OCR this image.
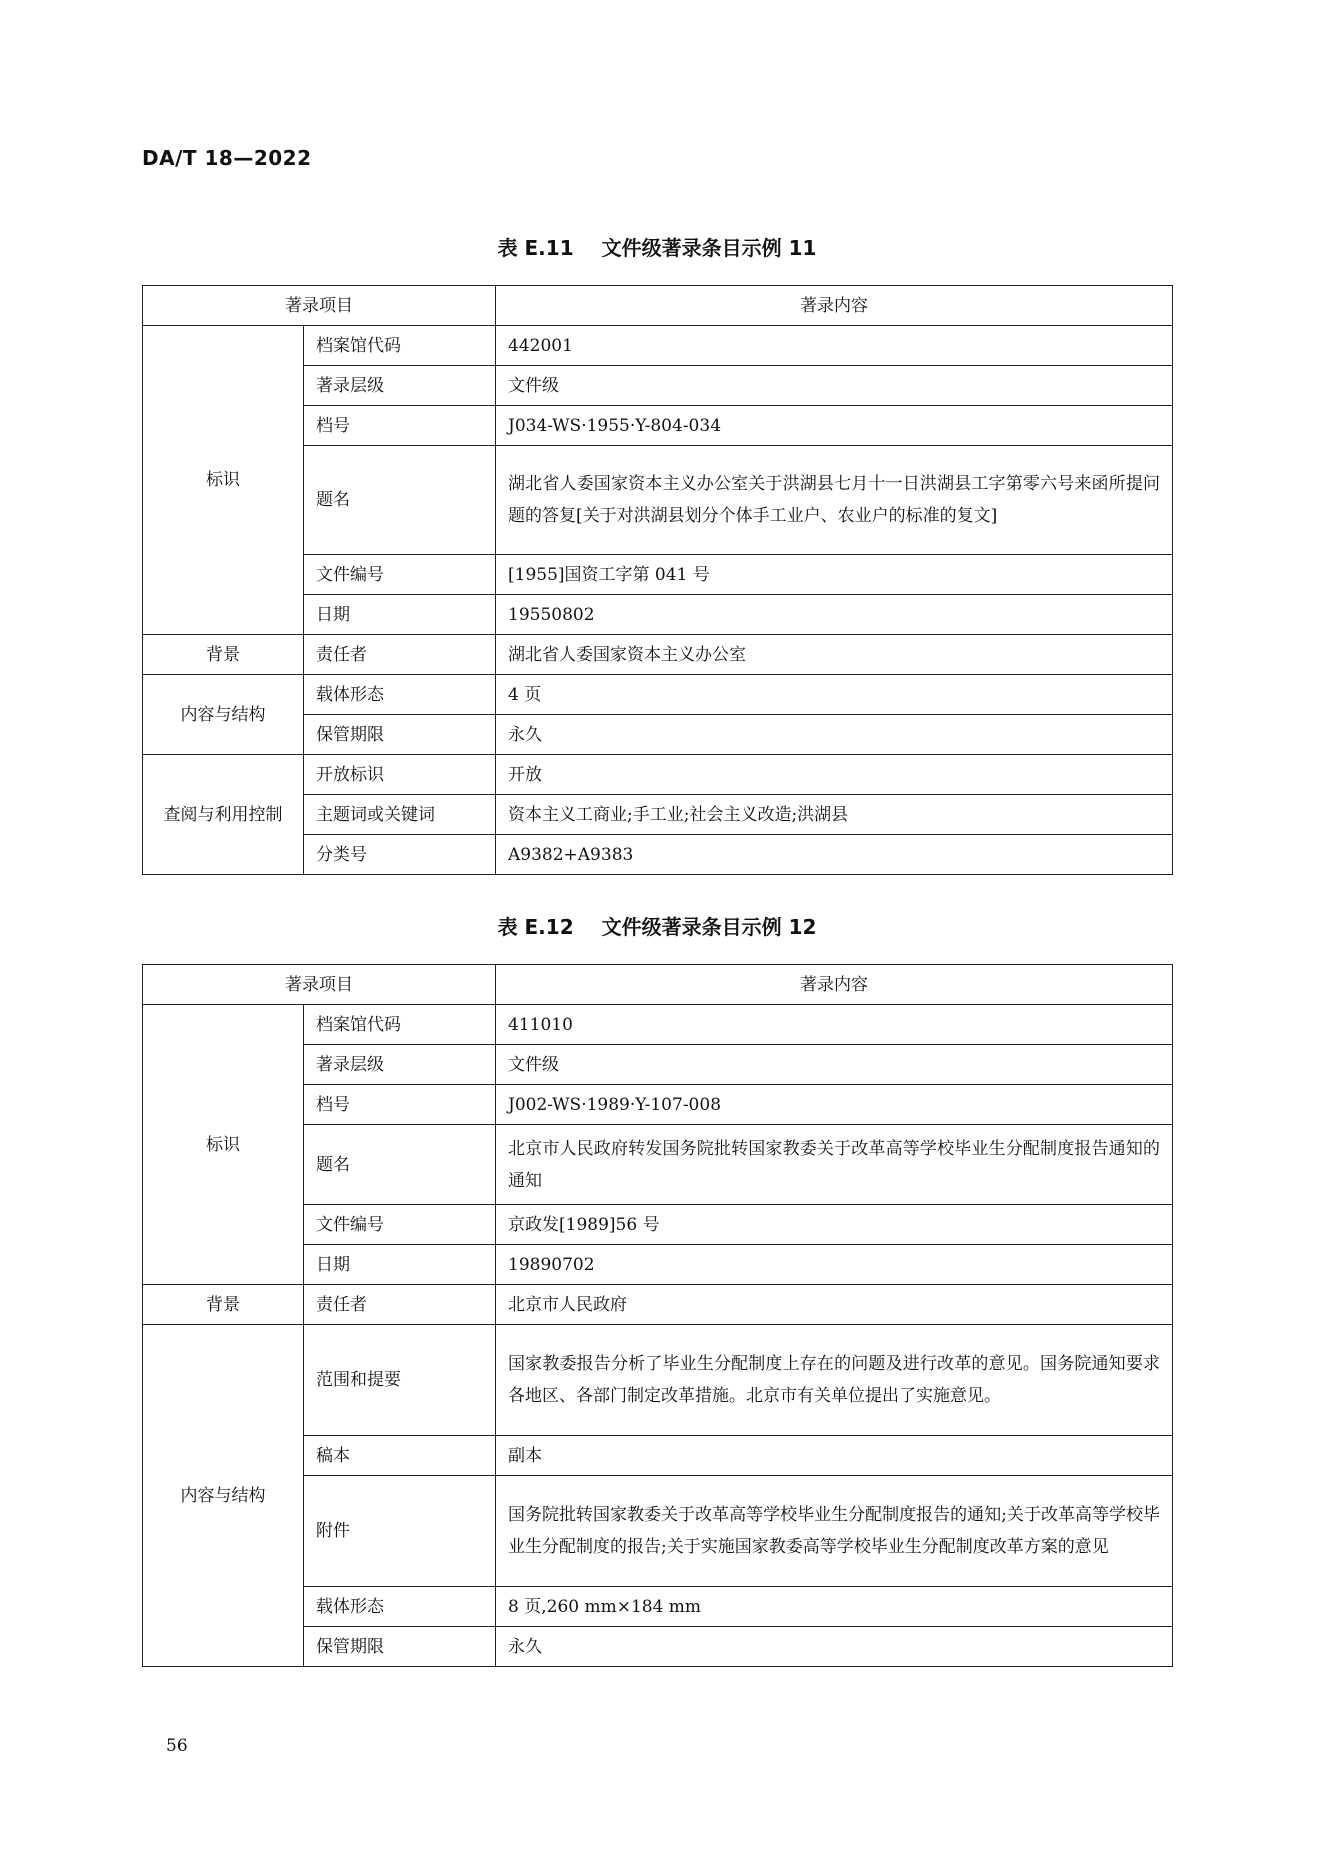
DA/T 18—2022
表 E.11 文件级著录条目示例 11
著录项目		著录内容
标识	档案馆代码	442001
	著录层级	文件级
	档号	J034-WS·1955·Y-804-034
	题名	湖北省人委国家资本主义办公室关于洪湖县七月十一日洪湖县工字第零六号来函所提问题的答复[关于对洪湖县划分个体手工业户、农业户的标准的复文]
	文件编号	[1955]国资工字第 041 号
	日期	19550802
背景	责任者	湖北省人委国家资本主义办公室
内容与结构	载体形态	4 页
	保管期限	永久
查阅与利用控制	开放标识	开放
	主题词或关键词	资本主义工商业;手工业;社会主义改造;洪湖县
	分类号	A9382+A9383
表 E.12 文件级著录条目示例 12
著录项目		著录内容
标识	档案馆代码	411010
	著录层级	文件级
	档号	J002-WS·1989·Y-107-008
	题名	北京市人民政府转发国务院批转国家教委关于改革高等学校毕业生分配制度报告通知的通知
	文件编号	京政发[1989]56 号
	日期	19890702
背景	责任者	北京市人民政府
内容与结构	范围和提要	国家教委报告分析了毕业生分配制度上存在的问题及进行改革的意见。国务院通知要求各地区、各部门制定改革措施。北京市有关单位提出了实施意见。
	稿本	副本
	附件	国务院批转国家教委关于改革高等学校毕业生分配制度报告的通知;关于改革高等学校毕业生分配制度的报告;关于实施国家教委高等学校毕业生分配制度改革方案的意见
	载体形态	8 页,260 mm×184 mm
	保管期限	永久
56
